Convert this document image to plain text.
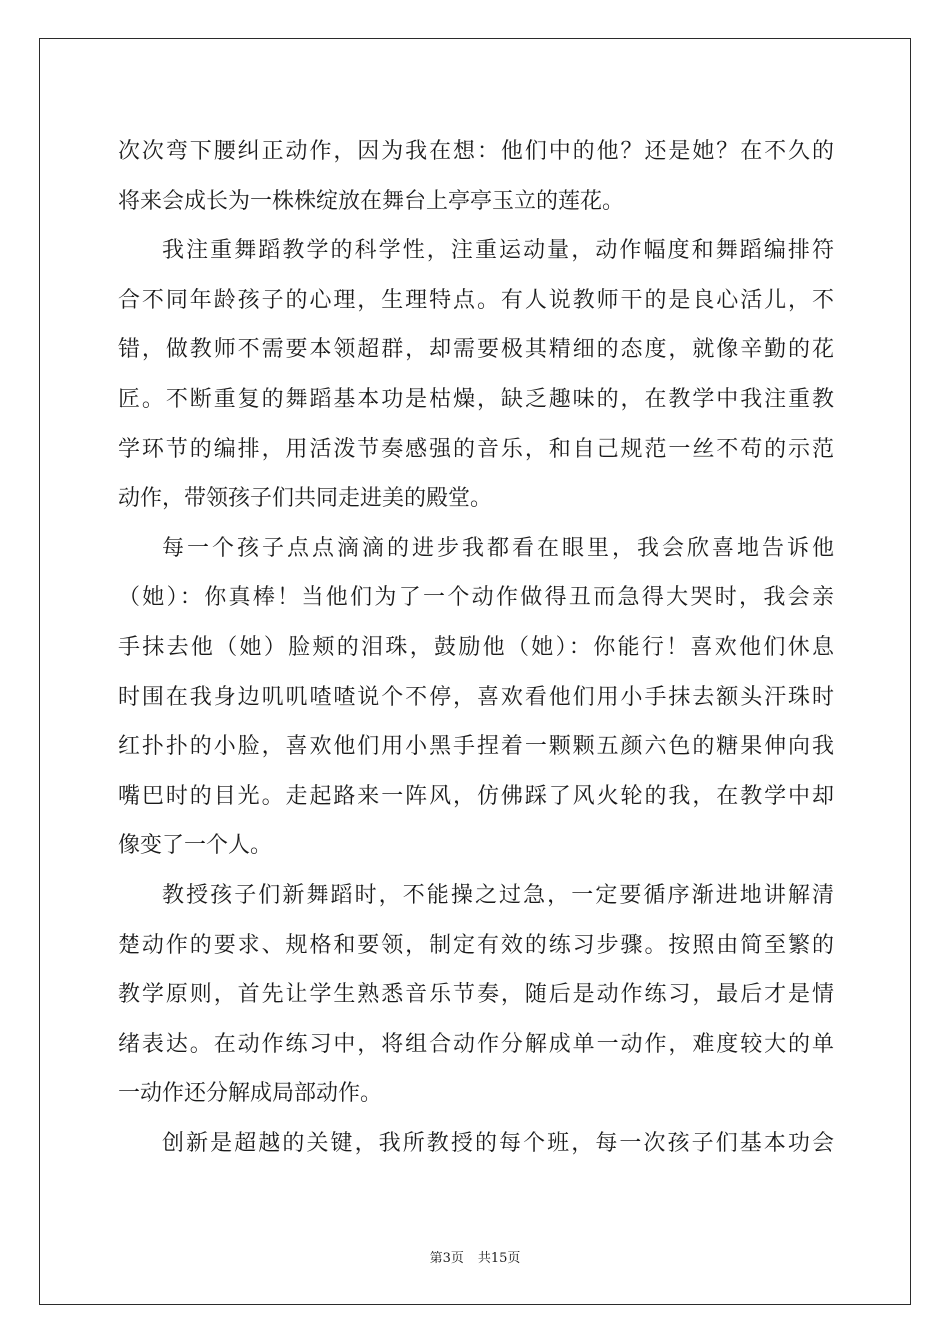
次次弯下腰纠正动作，因为我在想：他们中的他？还是她？在不久的
将来会成长为一株株绽放在舞台上亭亭玉立的莲花。
我注重舞蹈教学的科学性，注重运动量，动作幅度和舞蹈编排符
合不同年龄孩子的心理，生理特点。有人说教师干的是良心活儿，不
错，做教师不需要本领超群，却需要极其精细的态度，就像辛勤的花
匠。不断重复的舞蹈基本功是枯燥，缺乏趣味的，在教学中我注重教
学环节的编排，用活泼节奏感强的音乐，和自己规范一丝不苟的示范
动作，带领孩子们共同走进美的殿堂。
每一个孩子点点滴滴的进步我都看在眼里，我会欣喜地告诉他
（她）：你真棒！当他们为了一个动作做得丑而急得大哭时，我会亲
手抹去他（她）脸颊的泪珠，鼓励他（她）：你能行！喜欢他们休息
时围在我身边叽叽喳喳说个不停，喜欢看他们用小手抹去额头汗珠时
红扑扑的小脸，喜欢他们用小黑手捏着一颗颗五颜六色的糖果伸向我
嘴巴时的目光。走起路来一阵风，仿佛踩了风火轮的我，在教学中却
像变了一个人。
教授孩子们新舞蹈时，不能操之过急，一定要循序渐进地讲解清
楚动作的要求、规格和要领，制定有效的练习步骤。按照由简至繁的
教学原则，首先让学生熟悉音乐节奏，随后是动作练习，最后才是情
绪表达。在动作练习中，将组合动作分解成单一动作，难度较大的单
一动作还分解成局部动作。
创新是超越的关键，我所教授的每个班，每一次孩子们基本功会
第3页 共15页
